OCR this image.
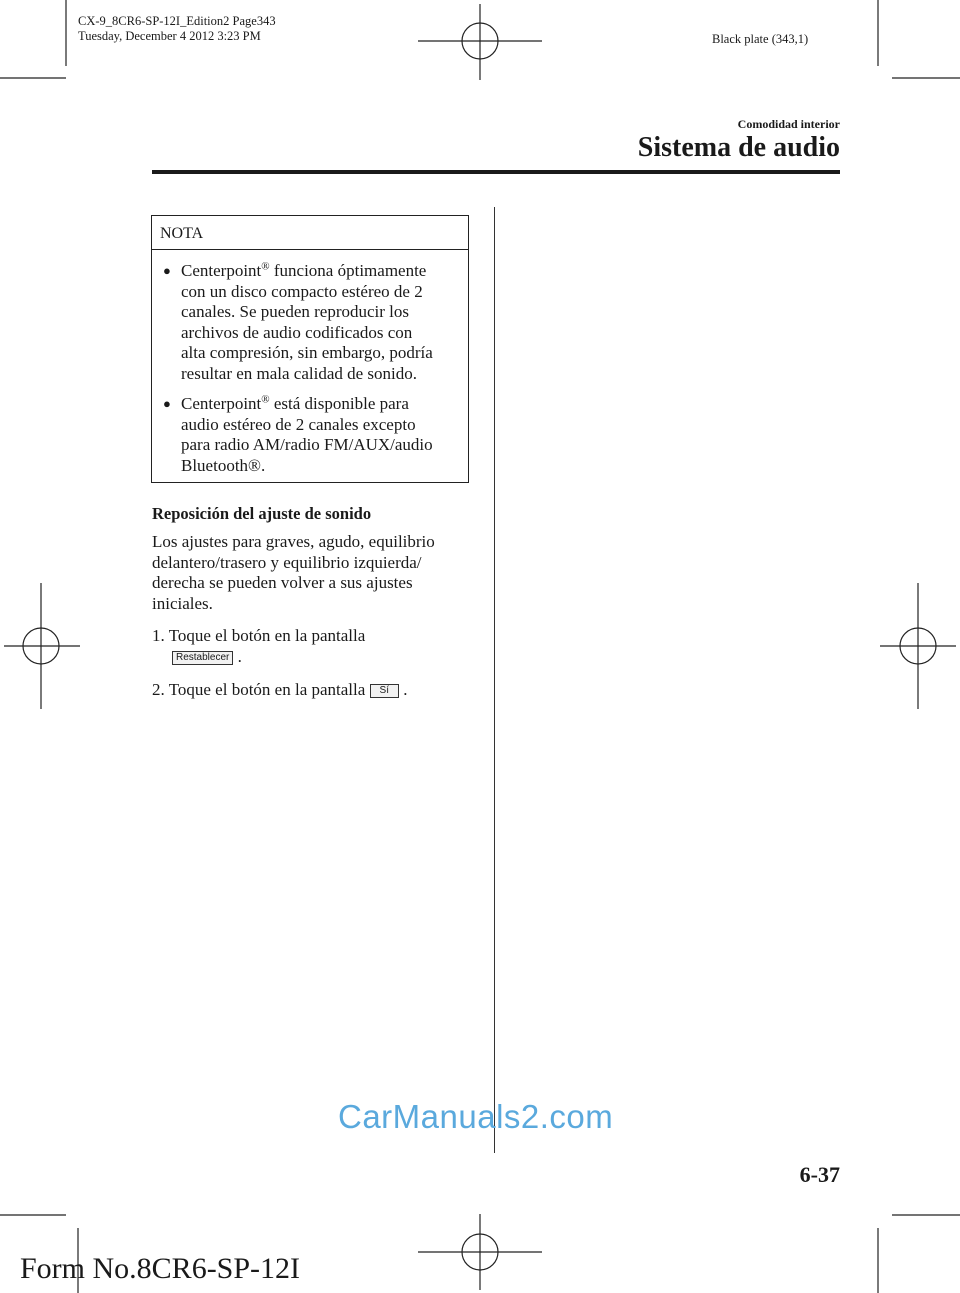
CX-9_8CR6-SP-12I_Edition2 Page343
Tuesday, December 4 2012 3:23 PM	Black plate (343,1)
Comodidad interior
Sistema de audio
NOTA
● Centerpoint® funciona óptimamente
con un disco compacto estéreo de 2
canales. Se pueden reproducir los
archivos de audio codificados con
alta compresión, sin embargo, podría
resultar en mala calidad de sonido.
● Centerpoint® está disponible para
audio estéreo de 2 canales excepto
para radio AM/radio FM/AUX/audio
Bluetooth®.
Reposición del ajuste de sonido
Los ajustes para graves, agudo, equilibrio
delantero/trasero y equilibrio izquierda/
derecha se pueden volver a sus ajustes
iniciales.
1. Toque el botón en la pantalla
Restablecer .
2. Toque el botón en la pantalla Sí .
CarManuals2.com
6-37
Form No.8CR6-SP-12I
